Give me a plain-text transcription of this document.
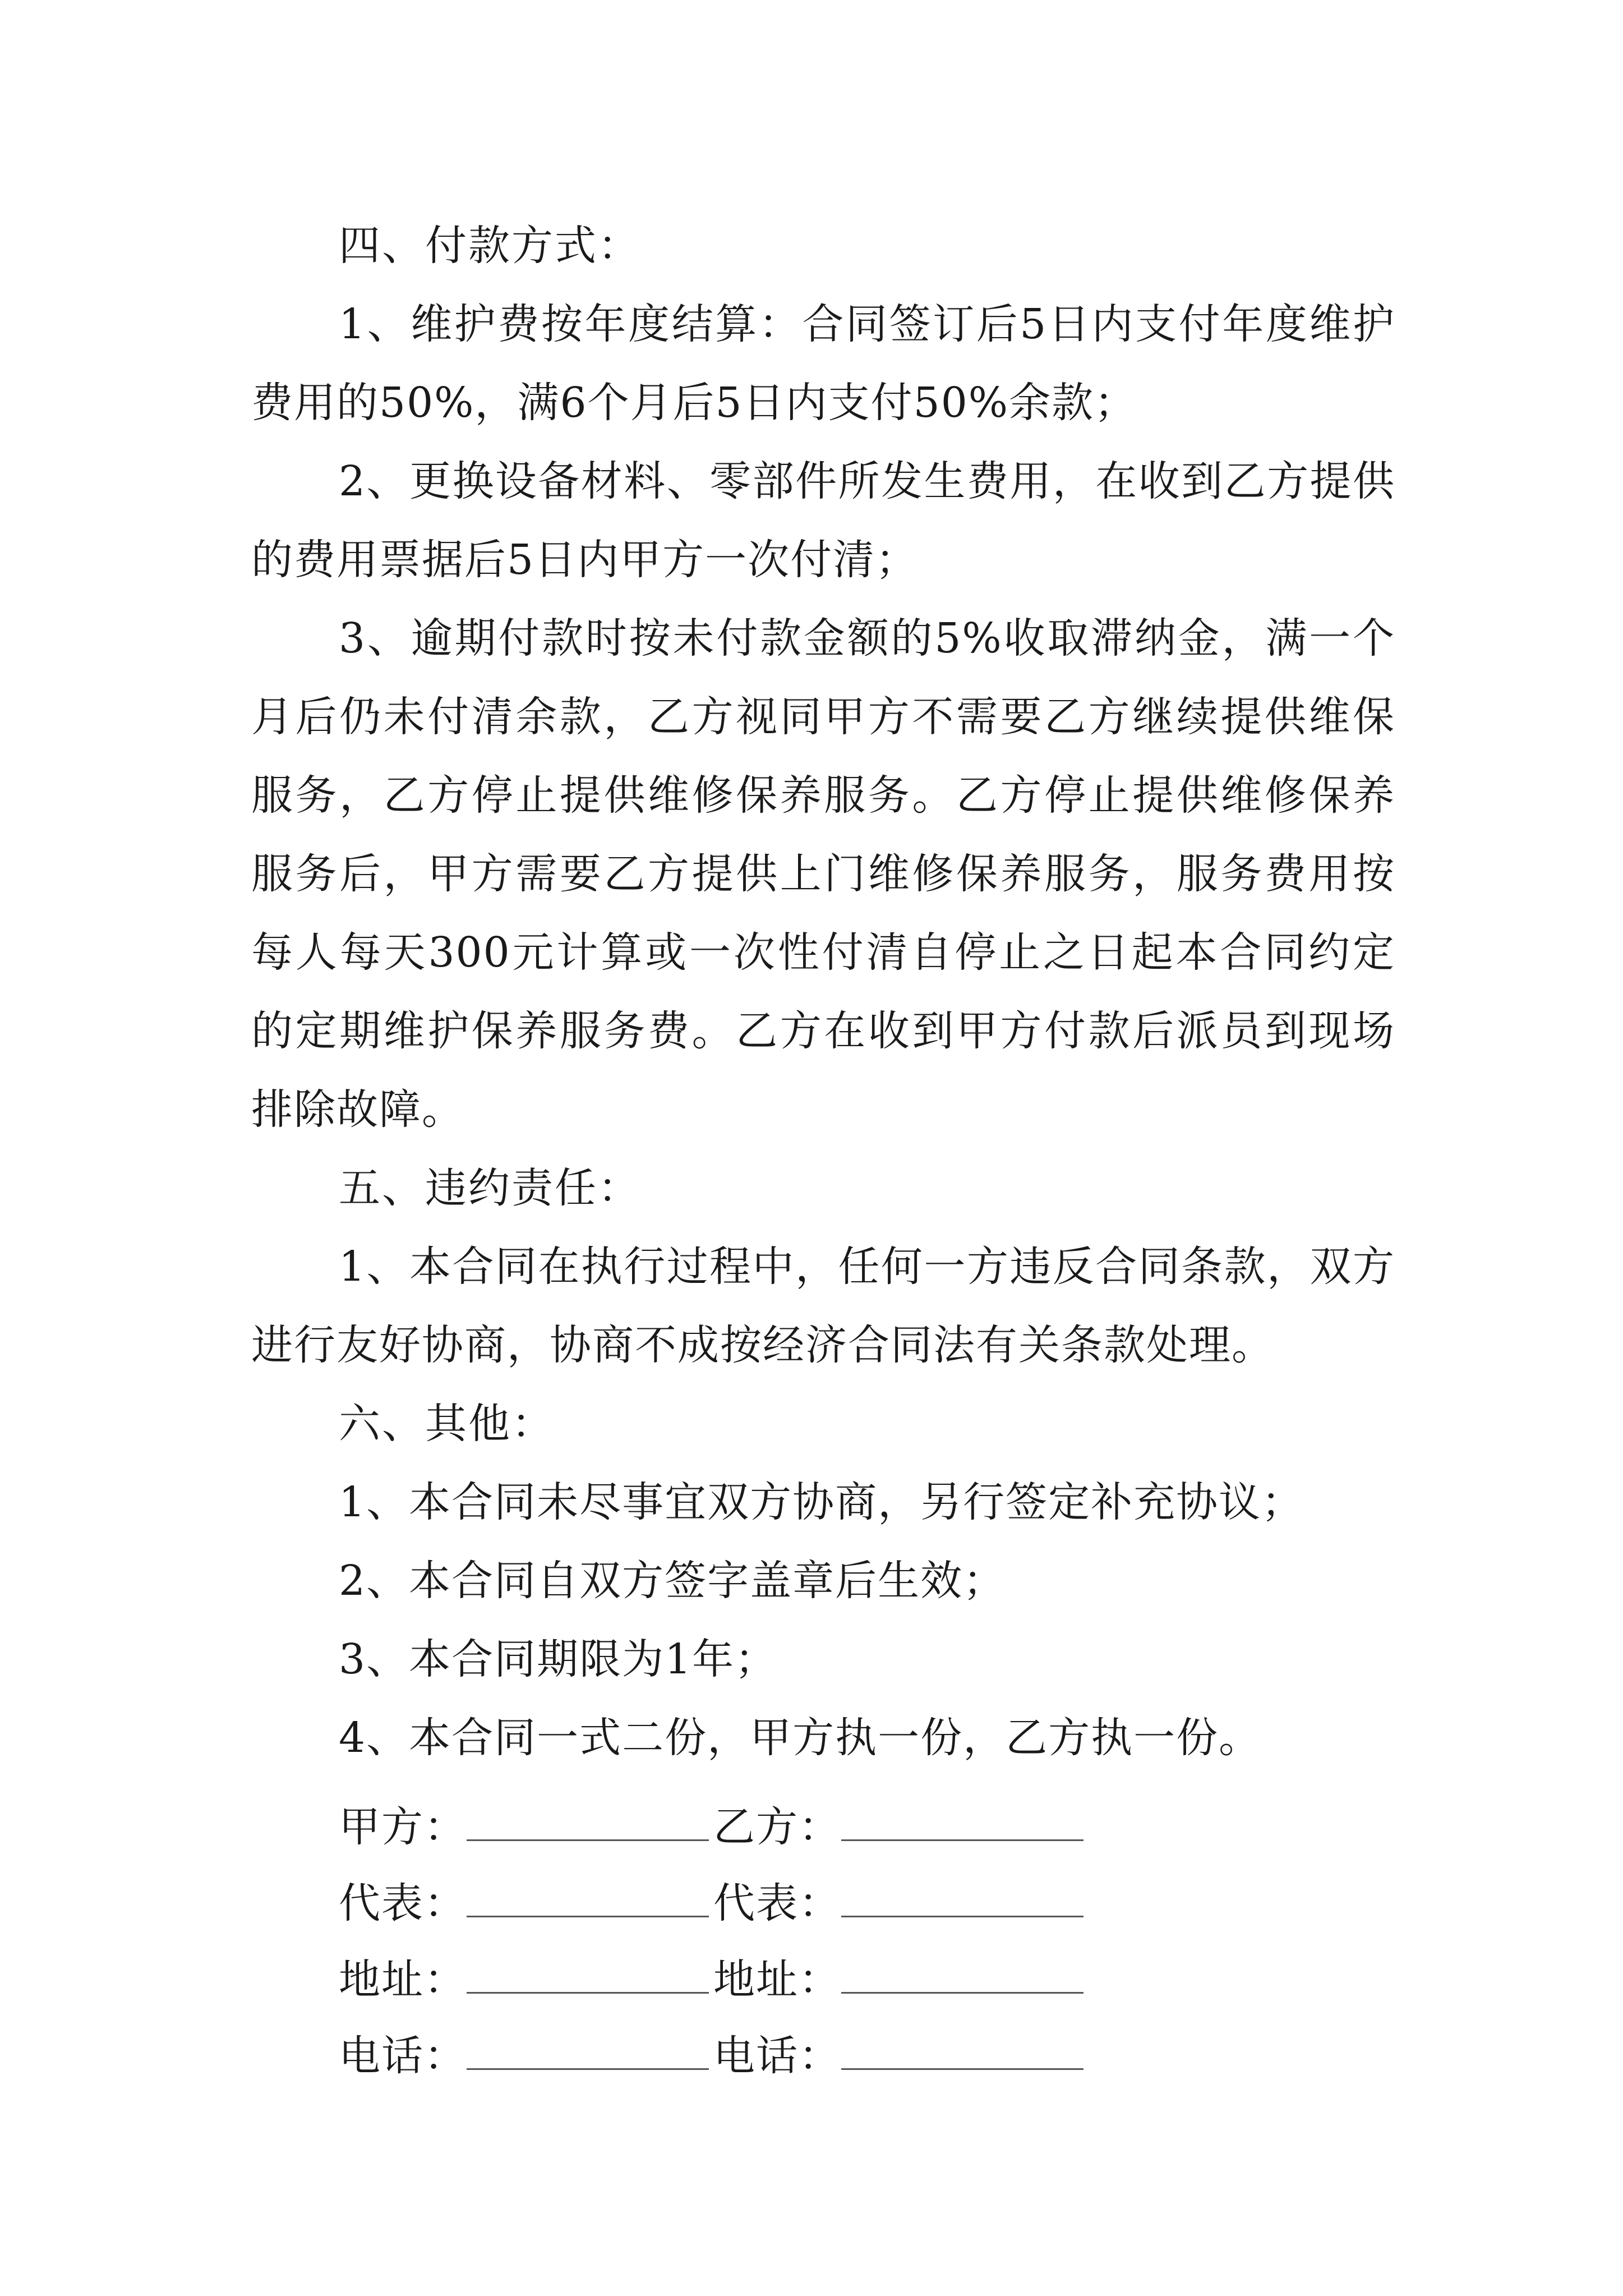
四、付款方式：

1、维护费按年度结算：合同签订后5日内支付年度维护费用的50%，满6个月后5日内支付50%余款；

2、更换设备材料、零部件所发生费用，在收到乙方提供的费用票据后5日内甲方一次付清；

3、逾期付款时按未付款金额的5%收取滞纳金，满一个月后仍未付清余款，乙方视同甲方不需要乙方继续提供维保服务，乙方停止提供维修保养服务。乙方停止提供维修保养服务后，甲方需要乙方提供上门维修保养服务，服务费用按每人每天300元计算或一次性付清自停止之日起本合同约定的定期维护保养服务费。乙方在收到甲方付款后派员到现场排除故障。

五、违约责任：

1、本合同在执行过程中，任何一方违反合同条款，双方进行友好协商，协商不成按经济合同法有关条款处理。

六、其他：

1、本合同未尽事宜双方协商，另行签定补充协议；

2、本合同自双方签字盖章后生效；

3、本合同期限为1年；

4、本合同一式二份，甲方执一份，乙方执一份。

甲方：	乙方：
代表：	代表：
地址：	地址：
电话：	电话：
